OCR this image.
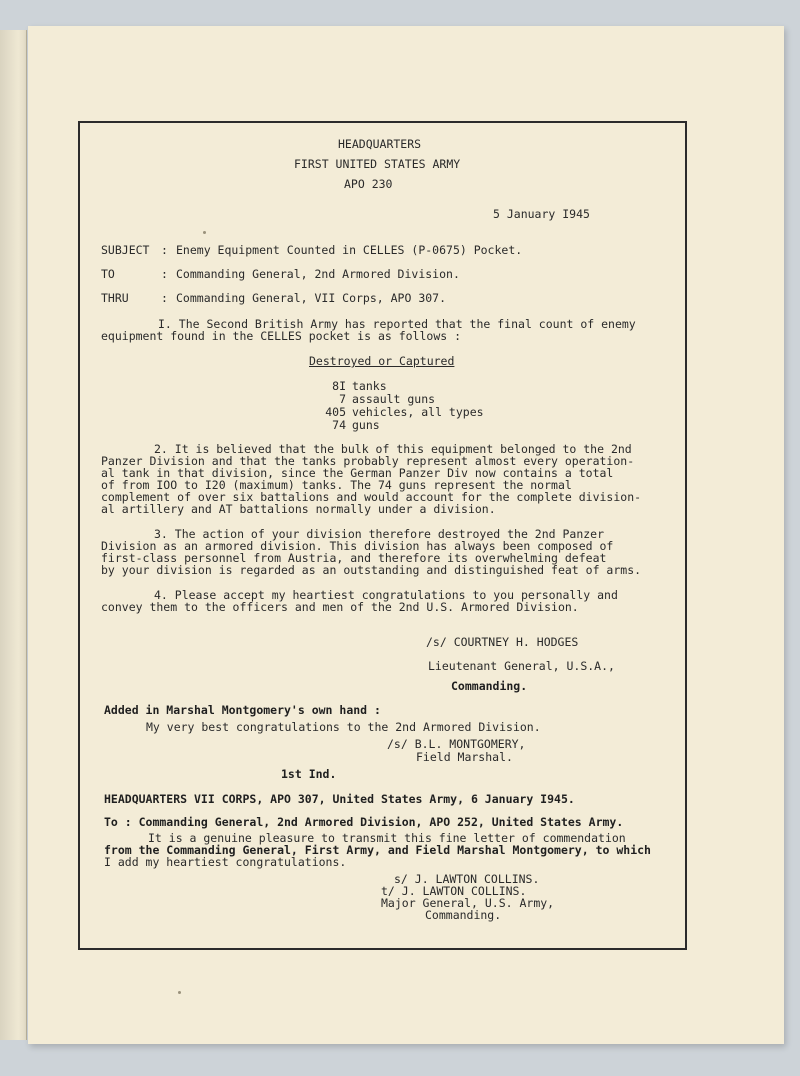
HEADQUARTERS
FIRST UNITED STATES ARMY
APO 230
5 January I945
SUBJECT : Enemy Equipment Counted in CELLES (P-0675) Pocket.
TO	: Commanding General, 2nd Armored Division.
THRU	: Commanding General, VII Corps, APO 307.
I. The Second British Army has reported that the final count of enemy
equipment found in the CELLES pocket is as follows :
Destroyed or Captured
8I tanks
7 assault guns
405 vehicles, all types
74 guns
2. It is believed that the bulk of this equipment belonged to the 2nd
Panzer Division and that the tanks probably represent almost every operation-
al tank in that division, since the German Panzer Div now contains a total
of from IOO to I20 (maximum) tanks. The 74 guns represent the normal
complement of over six battalions and would account for the complete division-
al artillery and AT battalions normally under a division.
3. The action of your division therefore destroyed the 2nd Panzer
Division as an armored division. This division has always been composed of
first-class personnel from Austria, and therefore its overwhelming defeat
by your division is regarded as an outstanding and distinguished feat of arms.
4. Please accept my heartiest congratulations to you personally and
convey them to the officers and men of the 2nd U.S. Armored Division.
/s/ COURTNEY H. HODGES
Lieutenant General, U.S.A.,
Commanding.
Added in Marshal Montgomery's own hand :
My very best congratulations to the 2nd Armored Division.
/s/ B.L. MONTGOMERY,
Field Marshal.
1st Ind.
HEADQUARTERS VII CORPS, APO 307, United States Army, 6 January I945.
To : Commanding General, 2nd Armored Division, APO 252, United States Army.
It is a genuine pleasure to transmit this fine letter of commendation
from the Commanding General, First Army, and Field Marshal Montgomery, to which
I add my heartiest congratulations.
s/ J. LAWTON COLLINS.
t/ J. LAWTON COLLINS.
Major General, U.S. Army,
Commanding.
